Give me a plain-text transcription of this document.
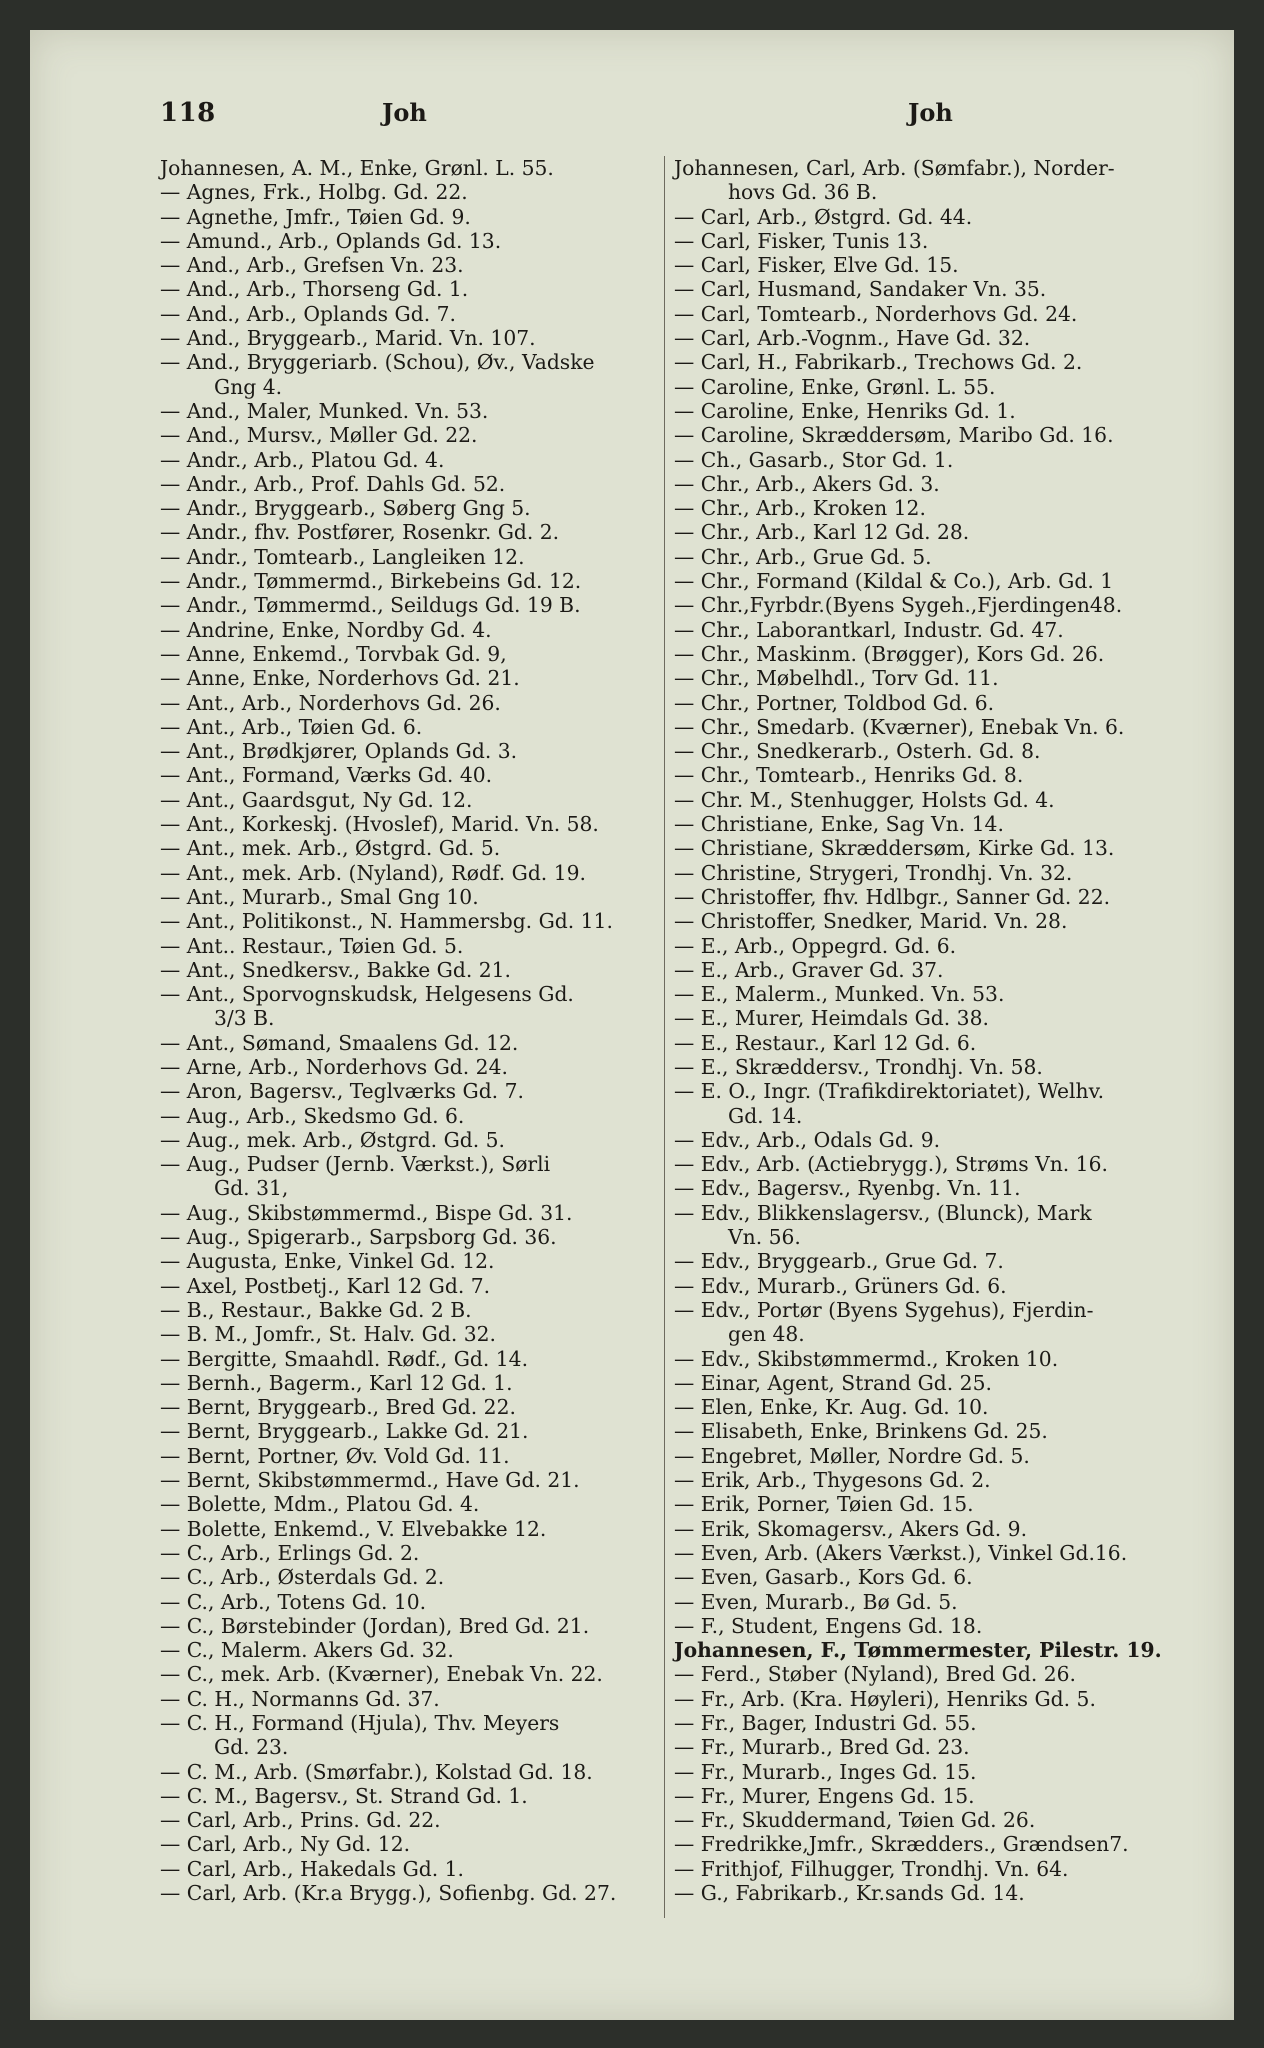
118	Joh	Joh
Johannesen, A. M., Enke, Grønl. L. 55.
— Agnes, Frk., Holbg. Gd. 22.
— Agnethe, Jmfr., Tøien Gd. 9.
— Amund., Arb., Oplands Gd. 13.
— And., Arb., Grefsen Vn. 23.
— And., Arb., Thorseng Gd. 1.
— And., Arb., Oplands Gd. 7.
— And., Bryggearb., Marid. Vn. 107.
— And., Bryggeriarb. (Schou), Øv., Vadske
Gng 4.
— And., Maler, Munked. Vn. 53.
— And., Mursv., Møller Gd. 22.
— Andr., Arb., Platou Gd. 4.
— Andr., Arb., Prof. Dahls Gd. 52.
— Andr., Bryggearb., Søberg Gng 5.
— Andr., fhv. Postfører, Rosenkr. Gd. 2.
— Andr., Tomtearb., Langleiken 12.
— Andr., Tømmermd., Birkebeins Gd. 12.
— Andr., Tømmermd., Seildugs Gd. 19 B.
— Andrine, Enke, Nordby Gd. 4.
— Anne, Enkemd., Torvbak Gd. 9,
— Anne, Enke, Norderhovs Gd. 21.
— Ant., Arb., Norderhovs Gd. 26.
— Ant., Arb., Tøien Gd. 6.
— Ant., Brødkjører, Oplands Gd. 3.
— Ant., Formand, Værks Gd. 40.
— Ant., Gaardsgut, Ny Gd. 12.
— Ant., Korkeskj. (Hvoslef), Marid. Vn. 58.
— Ant., mek. Arb., Østgrd. Gd. 5.
— Ant., mek. Arb. (Nyland), Rødf. Gd. 19.
— Ant., Murarb., Smal Gng 10.
— Ant., Politikonst., N. Hammersbg. Gd. 11.
— Ant.. Restaur., Tøien Gd. 5.
— Ant., Snedkersv., Bakke Gd. 21.
— Ant., Sporvognskudsk, Helgesens Gd.
3/3 B.
— Ant., Sømand, Smaalens Gd. 12.
— Arne, Arb., Norderhovs Gd. 24.
— Aron, Bagersv., Teglværks Gd. 7.
— Aug., Arb., Skedsmo Gd. 6.
— Aug., mek. Arb., Østgrd. Gd. 5.
— Aug., Pudser (Jernb. Værkst.), Sørli
Gd. 31,
— Aug., Skibstømmermd., Bispe Gd. 31.
— Aug., Spigerarb., Sarpsborg Gd. 36.
— Augusta, Enke, Vinkel Gd. 12.
— Axel, Postbetj., Karl 12 Gd. 7.
— B., Restaur., Bakke Gd. 2 B.
— B. M., Jomfr., St. Halv. Gd. 32.
— Bergitte, Smaahdl. Rødf., Gd. 14.
— Bernh., Bagerm., Karl 12 Gd. 1.
— Bernt, Bryggearb., Bred Gd. 22.
— Bernt, Bryggearb., Lakke Gd. 21.
— Bernt, Portner, Øv. Vold Gd. 11.
— Bernt, Skibstømmermd., Have Gd. 21.
— Bolette, Mdm., Platou Gd. 4.
— Bolette, Enkemd., V. Elvebakke 12.
— C., Arb., Erlings Gd. 2.
— C., Arb., Østerdals Gd. 2.
— C., Arb., Totens Gd. 10.
— C., Børstebinder (Jordan), Bred Gd. 21.
— C., Malerm. Akers Gd. 32.
— C., mek. Arb. (Kværner), Enebak Vn. 22.
— C. H., Normanns Gd. 37.
— C. H., Formand (Hjula), Thv. Meyers
Gd. 23.
— C. M., Arb. (Smørfabr.), Kolstad Gd. 18.
— C. M., Bagersv., St. Strand Gd. 1.
— Carl, Arb., Prins. Gd. 22.
— Carl, Arb., Ny Gd. 12.
— Carl, Arb., Hakedals Gd. 1.
— Carl, Arb. (Kr.a Brygg.), Sofienbg. Gd. 27.
Johannesen, Carl, Arb. (Sømfabr.), Norder-
hovs Gd. 36 B.
— Carl, Arb., Østgrd. Gd. 44.
— Carl, Fisker, Tunis 13.
— Carl, Fisker, Elve Gd. 15.
— Carl, Husmand, Sandaker Vn. 35.
— Carl, Tomtearb., Norderhovs Gd. 24.
— Carl, Arb.-Vognm., Have Gd. 32.
— Carl, H., Fabrikarb., Trechows Gd. 2.
— Caroline, Enke, Grønl. L. 55.
— Caroline, Enke, Henriks Gd. 1.
— Caroline, Skræddersøm, Maribo Gd. 16.
— Ch., Gasarb., Stor Gd. 1.
— Chr., Arb., Akers Gd. 3.
— Chr., Arb., Kroken 12.
— Chr., Arb., Karl 12 Gd. 28.
— Chr., Arb., Grue Gd. 5.
— Chr., Formand (Kildal & Co.), Arb. Gd. 1
— Chr.,Fyrbdr.(Byens Sygeh.,Fjerdingen48.
— Chr., Laborantkarl, Industr. Gd. 47.
— Chr., Maskinm. (Brøgger), Kors Gd. 26.
— Chr., Møbelhdl., Torv Gd. 11.
— Chr., Portner, Toldbod Gd. 6.
— Chr., Smedarb. (Kværner), Enebak Vn. 6.
— Chr., Snedkerarb., Osterh. Gd. 8.
— Chr., Tomtearb., Henriks Gd. 8.
— Chr. M., Stenhugger, Holsts Gd. 4.
— Christiane, Enke, Sag Vn. 14.
— Christiane, Skræddersøm, Kirke Gd. 13.
— Christine, Strygeri, Trondhj. Vn. 32.
— Christoffer, fhv. Hdlbgr., Sanner Gd. 22.
— Christoffer, Snedker, Marid. Vn. 28.
— E., Arb., Oppegrd. Gd. 6.
— E., Arb., Graver Gd. 37.
— E., Malerm., Munked. Vn. 53.
— E., Murer, Heimdals Gd. 38.
— E., Restaur., Karl 12 Gd. 6.
— E., Skræddersv., Trondhj. Vn. 58.
— E. O., Ingr. (Trafikdirektoriatet), Welhv.
Gd. 14.
— Edv., Arb., Odals Gd. 9.
— Edv., Arb. (Actiebrygg.), Strøms Vn. 16.
— Edv., Bagersv., Ryenbg. Vn. 11.
— Edv., Blikkenslagersv., (Blunck), Mark
Vn. 56.
— Edv., Bryggearb., Grue Gd. 7.
— Edv., Murarb., Grüners Gd. 6.
— Edv., Portør (Byens Sygehus), Fjerdin-
gen 48.
— Edv., Skibstømmermd., Kroken 10.
— Einar, Agent, Strand Gd. 25.
— Elen, Enke, Kr. Aug. Gd. 10.
— Elisabeth, Enke, Brinkens Gd. 25.
— Engebret, Møller, Nordre Gd. 5.
— Erik, Arb., Thygesons Gd. 2.
— Erik, Porner, Tøien Gd. 15.
— Erik, Skomagersv., Akers Gd. 9.
— Even, Arb. (Akers Værkst.), Vinkel Gd.16.
— Even, Gasarb., Kors Gd. 6.
— Even, Murarb., Bø Gd. 5.
— F., Student, Engens Gd. 18.
Johannesen, F., Tømmermester, Pilestr. 19.
— Ferd., Støber (Nyland), Bred Gd. 26.
— Fr., Arb. (Kra. Høyleri), Henriks Gd. 5.
— Fr., Bager, Industri Gd. 55.
— Fr., Murarb., Bred Gd. 23.
— Fr., Murarb., Inges Gd. 15.
— Fr., Murer, Engens Gd. 15.
— Fr., Skuddermand, Tøien Gd. 26.
— Fredrikke,Jmfr., Skrædders., Grændsen7.
— Frithjof, Filhugger, Trondhj. Vn. 64.
— G., Fabrikarb., Kr.sands Gd. 14.
